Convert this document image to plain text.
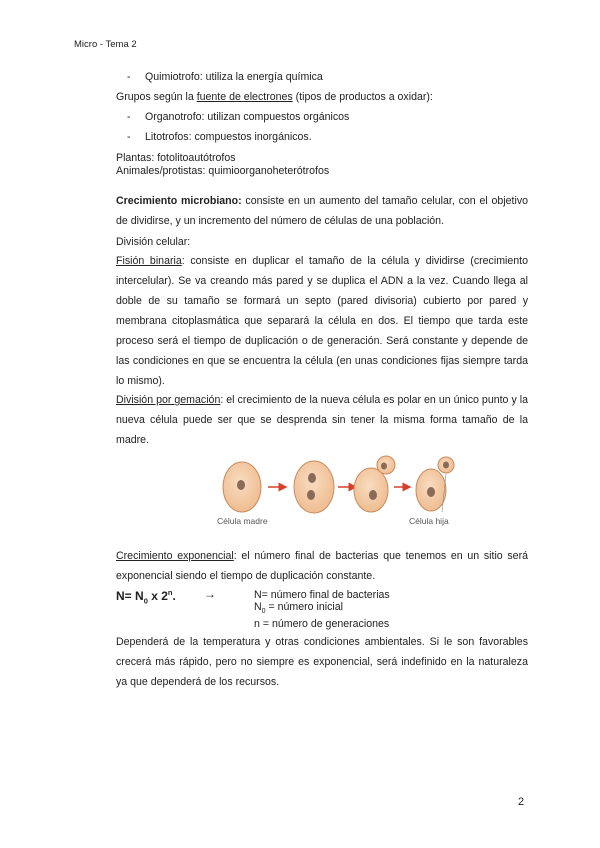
Micro - Tema 2
- Quimiotrofo: utiliza la energía química
Grupos según la fuente de electrones (tipos de productos a oxidar):
- Organotrofo: utilizan compuestos orgánicos
- Litotrofos: compuestos inorgánicos.
Plantas: fotolitoautótrofos
Animales/protistas: quimioorganoheterótrofos
Crecimiento microbiano: consiste en un aumento del tamaño celular, con el objetivo de dividirse, y un incremento del número de células de una población.
División celular:
Fisión binaria: consiste en duplicar el tamaño de la célula y dividirse (crecimiento intercelular). Se va creando más pared y se duplica el ADN a la vez. Cuando llega al doble de su tamaño se formará un septo (pared divisoria) cubierto por pared y membrana citoplasmática que separará la célula en dos. El tiempo que tarda este proceso será el tiempo de duplicación o de generación. Será constante y depende de las condiciones en que se encuentra la célula (en unas condiciones fijas siempre tarda lo mismo).
División por gemación: el crecimiento de la nueva célula es polar en un único punto y la nueva célula puede ser que se desprenda sin tener la misma forma tamaño de la madre.
Célula madre	Célula hija
Crecimiento exponencial: el número final de bacterias que tenemos en un sitio será exponencial siendo el tiempo de duplicación constante.
$N= N_0$ x $2^n$. →	N= número final de bacterias
$N_0$ = número inicial
n = número de generaciones
Dependerá de la temperatura y otras condiciones ambientales. Si le son favorables crecerá más rápido, pero no siempre es exponencial, será indefinido en la naturaleza ya que dependerá de los recursos.
2
